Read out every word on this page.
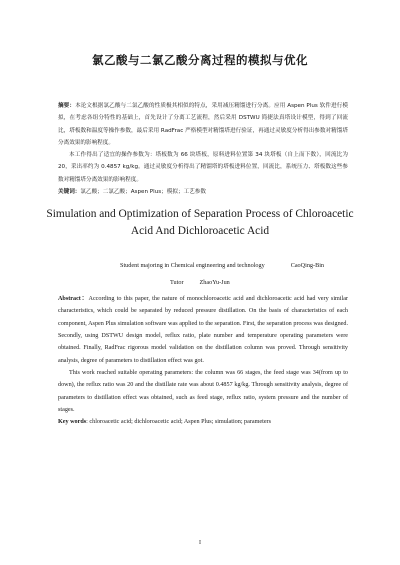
氯乙酸与二氯乙酸分离过程的模拟与优化

摘要：本论文根据氯乙酸与二氯乙酸的性质极其相似的特点，采用减压精馏进行分离。应用 Aspen Plus 软件进行模拟，在考虑各组分特性的基础上，首先设计了分离工艺流程，然后采用 DSTWU 简捷法真塔设计模型，得到了回流比，塔板数和温度等操作参数，最后采用 RadFrac 严格模型对精馏塔进行验证，再通过灵敏度分析得出参数对精馏塔分离效果的影响程度。

本工作得出了适宜的操作参数为：塔板数为 66 块塔板，原料进料位置第 34 块塔板（自上而下数），回流比为 20，采出率约为 0.4857 kg/kg。通过灵敏度分析得出了精馏塔的塔板进料位置，回流比，系统压力、塔板数这些参数对精馏塔分离效果的影响程度。

关键词：氯乙酸；二氯乙酸；Aspen Plus；模拟；工艺参数

Simulation and Optimization of Separation Process of Chloroacetic
Acid And Dichloroacetic Acid
Student majoring in Chemical engineering and technology	CaoQing-Bin
Tutor	ZhaoYu-Jun

Abstract：According to this paper, the nature of monochloroacetic acid and dichloroacetic acid had very similar characteristics, which could be separated by reduced pressure distillation. On the basis of characteristics of each component, Aspen Plus simulation software was applied to the separation. First, the separation process was designed. Secondly, using DSTWU design model, reflux ratio, plate number and temperature operating parameters were obtained. Finally, RadFrac rigorous model validation on the distillation column was proved. Through sensitivity analysis, degree of parameters to distillation effect was got.

This work reached suitable operating parameters: the column was 66 stages, the feed stage was 34(from up to down), the reflux ratio was 20 and the distillate rate was about 0.4857 kg/kg. Through sensitivity analysis, degree of parameters to distillation effect was obtained, such as feed stage, reflux ratio, system pressure and the number of stages.

Key words: chloroacetic acid; dichloroacetic acid; Aspen Plus; simulation; parameters

I
